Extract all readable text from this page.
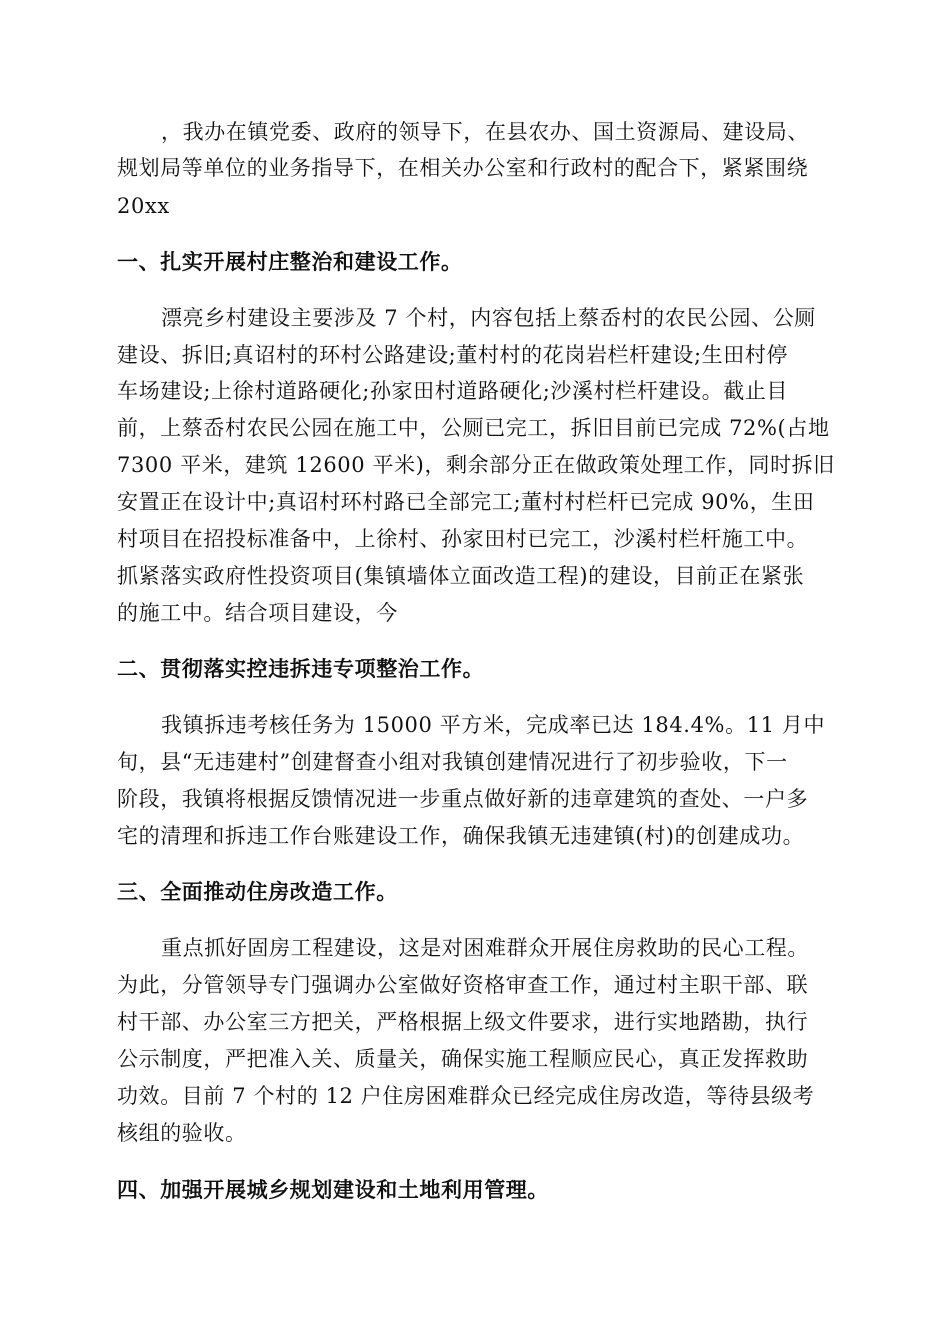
，我办在镇党委、政府的领导下，在县农办、国土资源局、建设局、
规划局等单位的业务指导下，在相关办公室和行政村的配合下，紧紧围绕
20xx
一、扎实开展村庄整治和建设工作。
漂亮乡村建设主要涉及 7 个村，内容包括上蔡岙村的农民公园、公厕
建设、拆旧;真诏村的环村公路建设;董村村的花岗岩栏杆建设;生田村停
车场建设;上徐村道路硬化;孙家田村道路硬化;沙溪村栏杆建设。截止目
前，上蔡岙村农民公园在施工中，公厕已完工，拆旧目前已完成 72%(占地
7300 平米，建筑 12600 平米)，剩余部分正在做政策处理工作，同时拆旧
安置正在设计中;真诏村环村路已全部完工;董村村栏杆已完成 90%，生田
村项目在招投标准备中，上徐村、孙家田村已完工，沙溪村栏杆施工中。
抓紧落实政府性投资项目(集镇墙体立面改造工程)的建设，目前正在紧张
的施工中。结合项目建设，今
二、贯彻落实控违拆违专项整治工作。
我镇拆违考核任务为 15000 平方米，完成率已达 184.4%。11 月中
旬，县“无违建村”创建督查小组对我镇创建情况进行了初步验收，下一
阶段，我镇将根据反馈情况进一步重点做好新的违章建筑的查处、一户多
宅的清理和拆违工作台账建设工作，确保我镇无违建镇(村)的创建成功。
三、全面推动住房改造工作。
重点抓好固房工程建设，这是对困难群众开展住房救助的民心工程。
为此，分管领导专门强调办公室做好资格审查工作，通过村主职干部、联
村干部、办公室三方把关，严格根据上级文件要求，进行实地踏勘，执行
公示制度，严把准入关、质量关，确保实施工程顺应民心，真正发挥救助
功效。目前 7 个村的 12 户住房困难群众已经完成住房改造，等待县级考
核组的验收。
四、加强开展城乡规划建设和土地利用管理。
